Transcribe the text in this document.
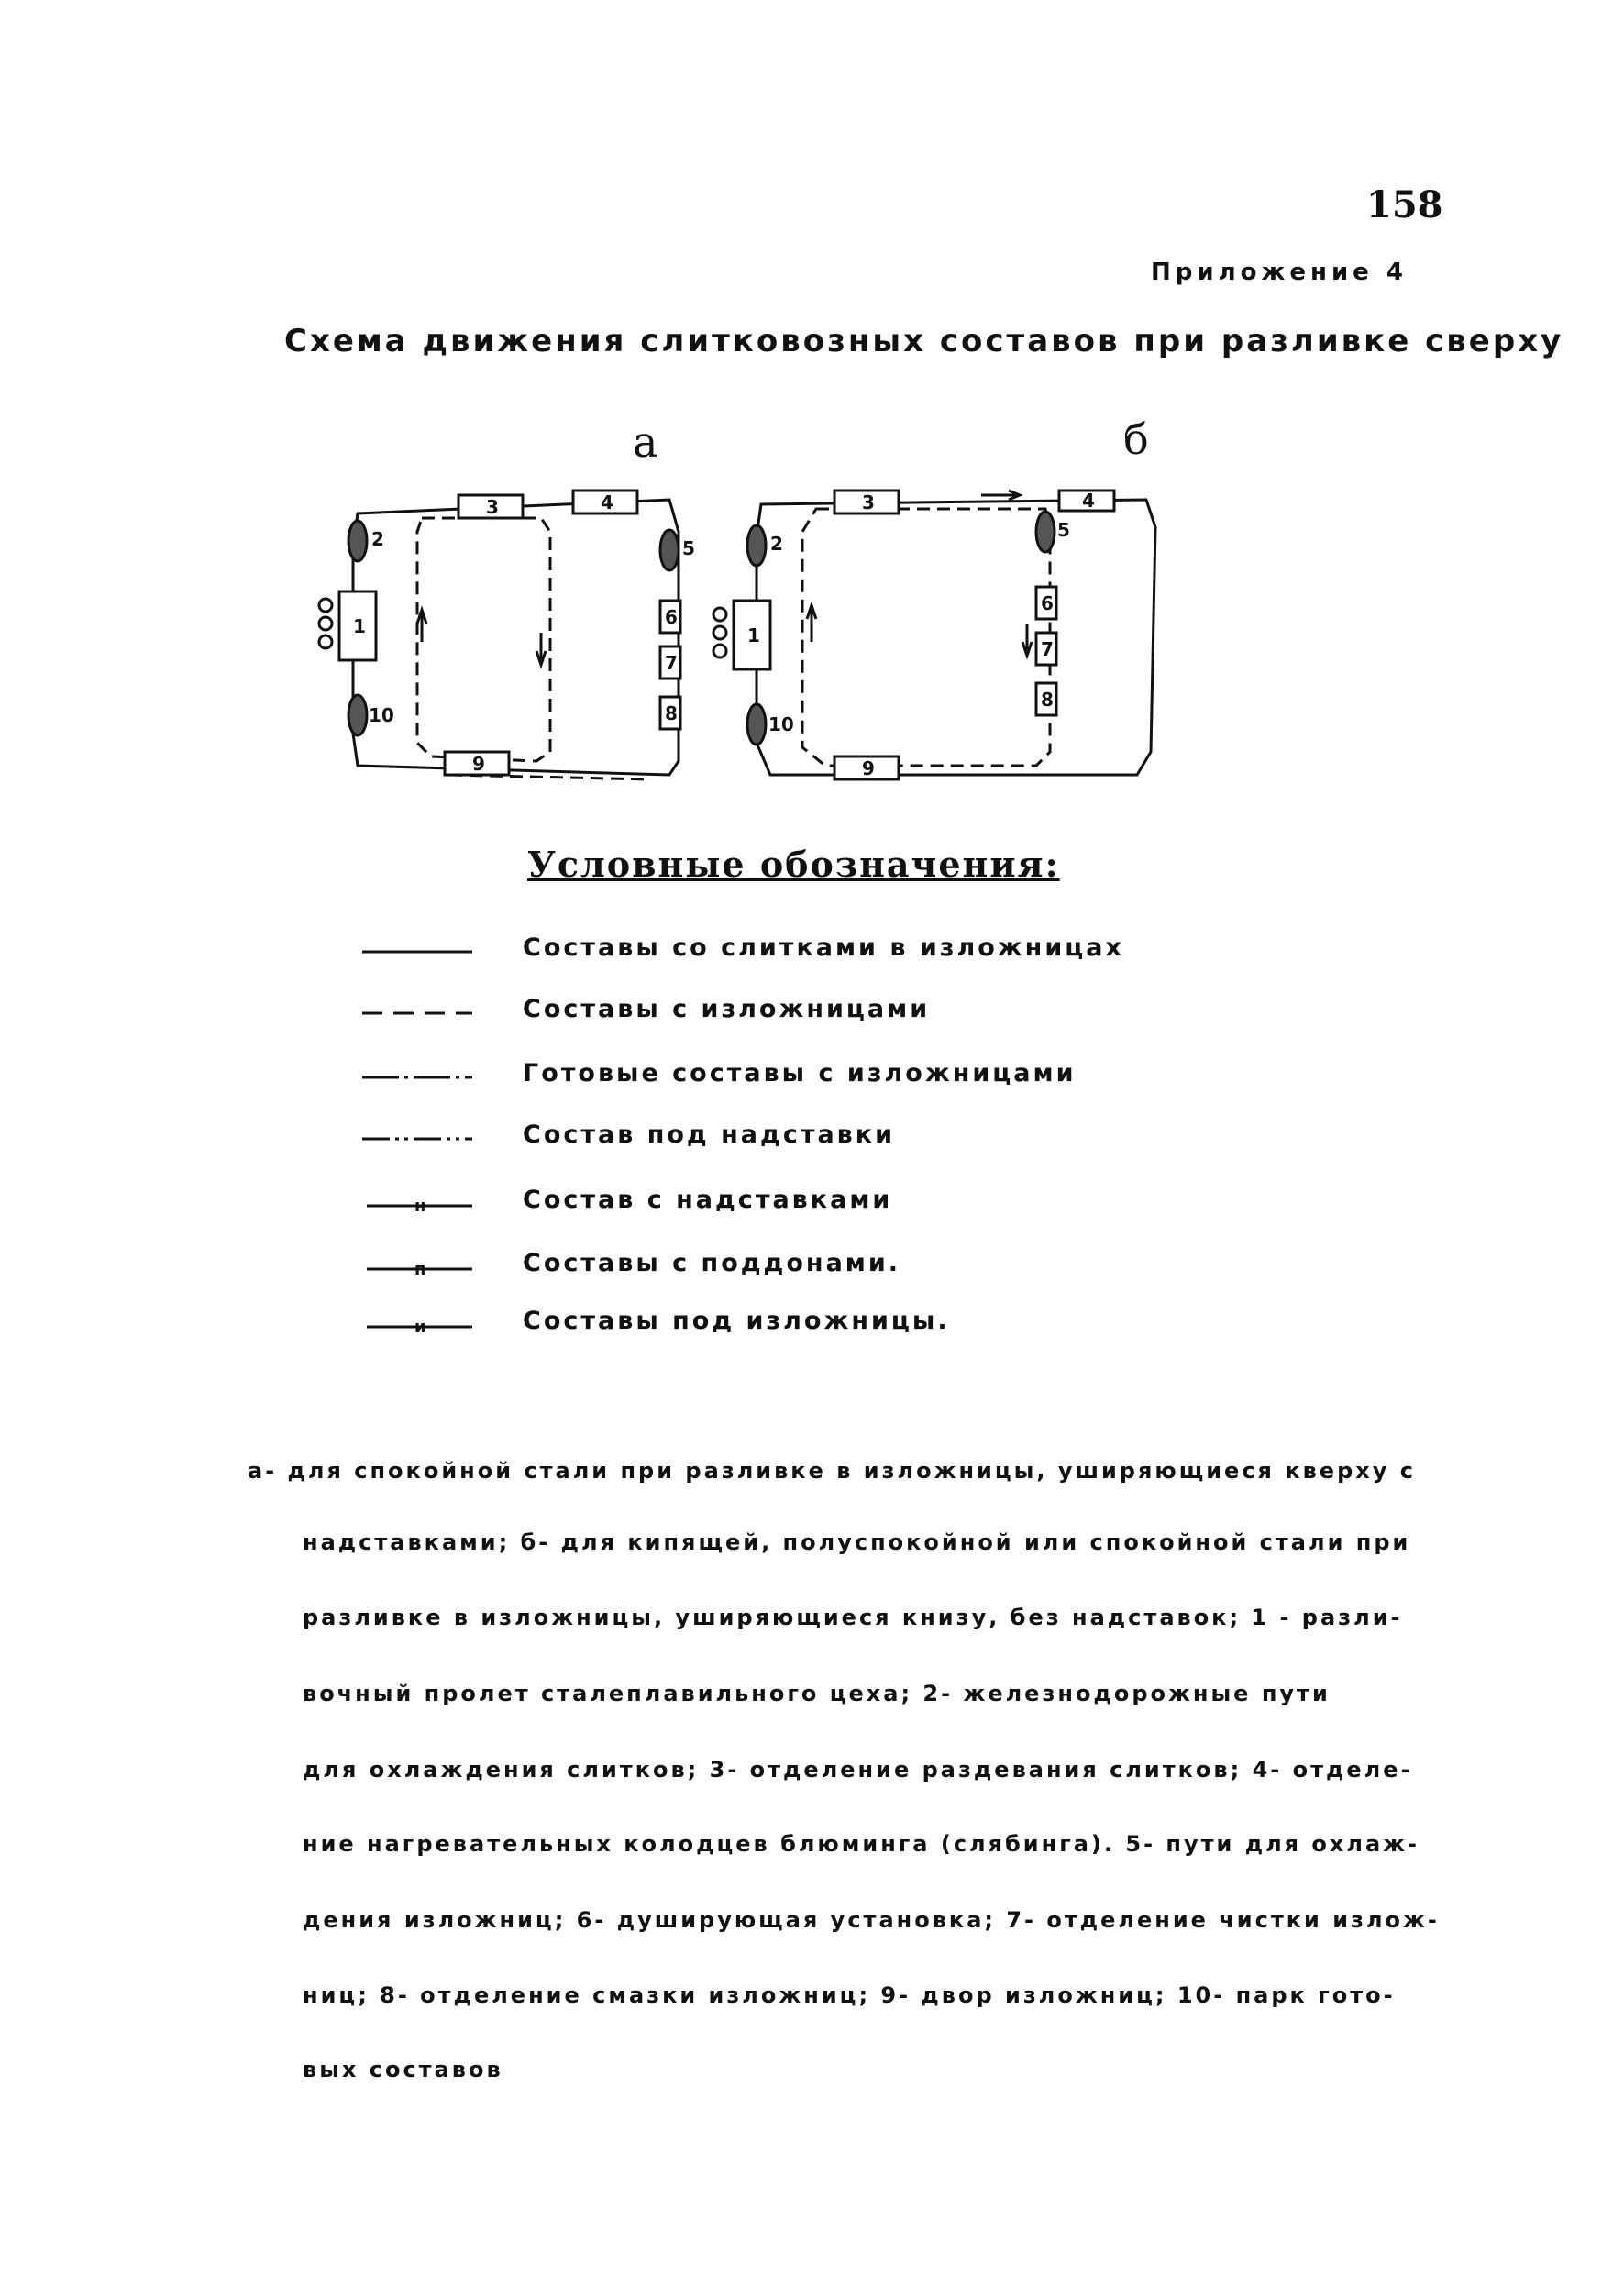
158
Приложение 4
Схема движения слитковозных составов при разливке сверху
а	б
3	4
6
7
8
9
1
2	5
10
3	4
6
7
8
9
1
2
5
10
Условные обозначения:
Составы со слитками в изложницах
Составы с изложницами
Готовые составы с изложницами
Состав под надставки
н	Состав с надставками
п	Составы с поддонами.
и	Составы под изложницы.
а- для спокойной стали при разливке в изложницы, уширяющиеся кверху с
надставками; б- для кипящей, полуспокойной или спокойной стали при
разливке в изложницы, уширяющиеся книзу, без надставок; 1 - разли-
вочный пролет сталеплавильного цеха; 2- железнодорожные пути
для охлаждения слитков; 3- отделение раздевания слитков; 4- отделе-
ние нагревательных колодцев блюминга (слябинга). 5- пути для охлаж-
дения изложниц; 6- душирующая установка; 7- отделение чистки излож-
ниц; 8- отделение смазки изложниц; 9- двор изложниц; 10- парк гото-
вых составов
